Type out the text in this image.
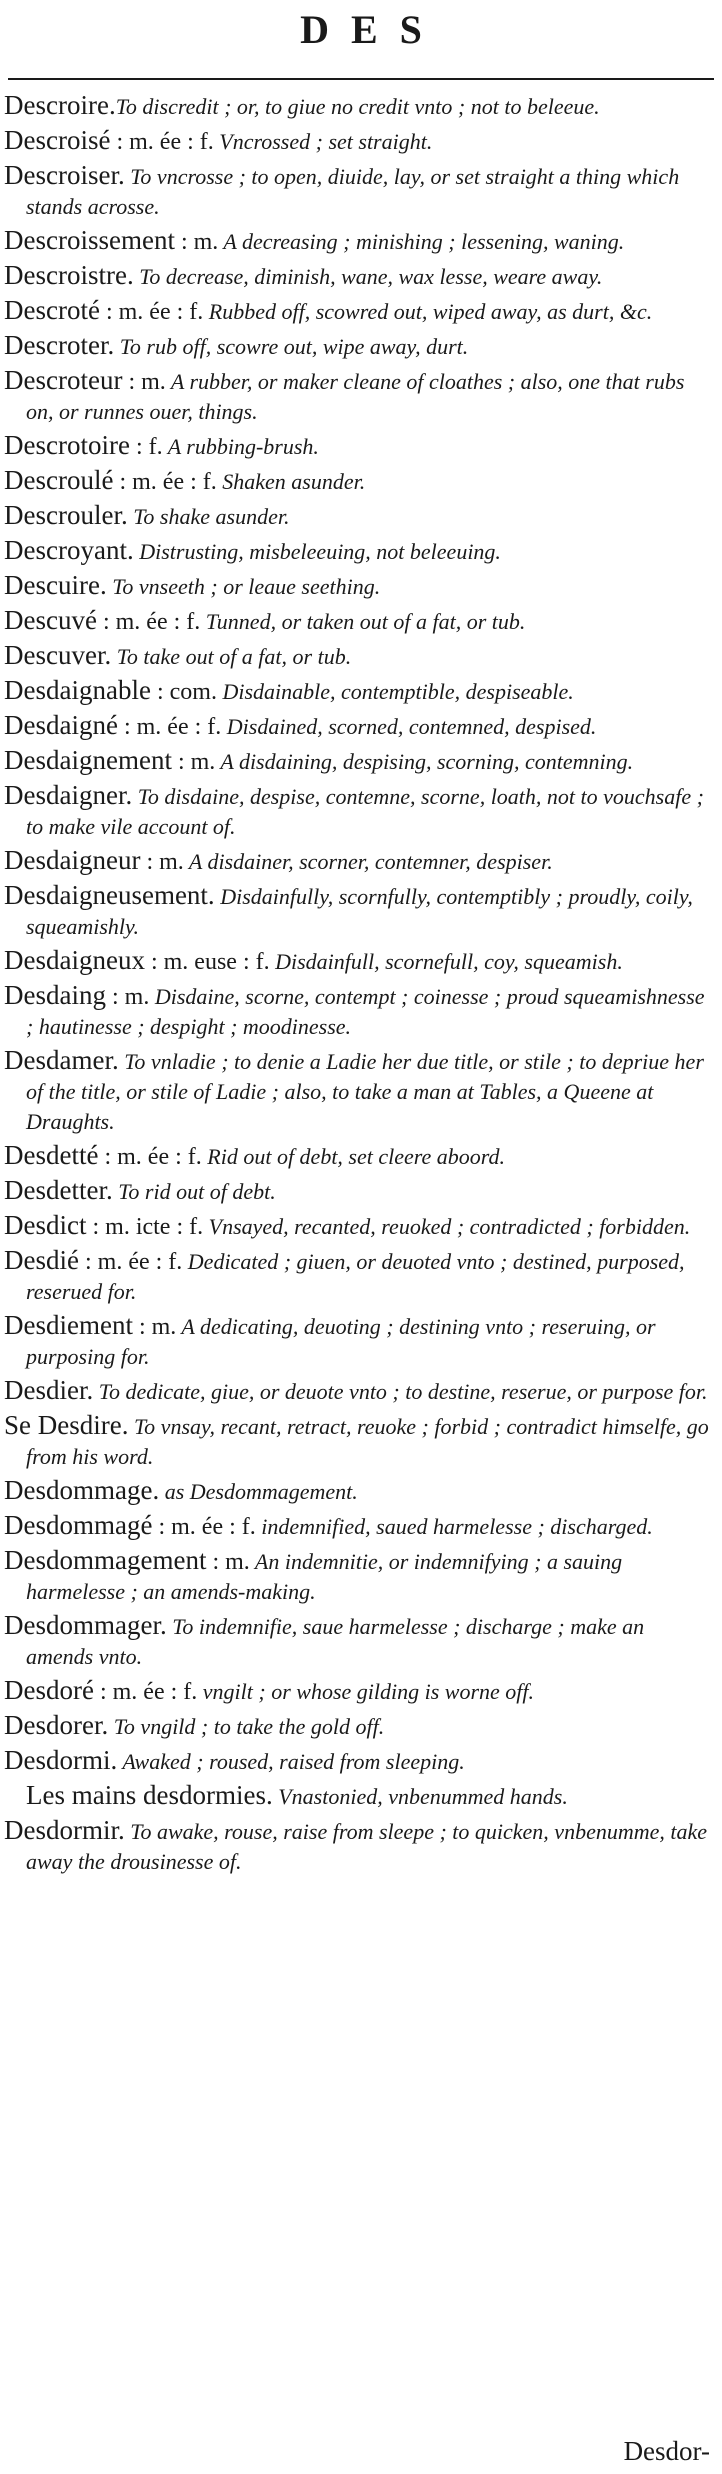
DES
Descroire.To discredit ; or, to giue no credit vnto ; not to beleeue.
Descroisé : m. ée : f. Vncrossed ; set straight.
Descroiser. To vncrosse ; to open, diuide, lay, or set straight a thing which stands acrosse.
Descroissement : m. A decreasing ; minishing ; lessening, waning.
Descroistre. To decrease, diminish, wane, wax lesse, weare away.
Descroté : m. ée : f. Rubbed off, scowred out, wiped away, as durt, &c.
Descroter. To rub off, scowre out, wipe away, durt.
Descroteur : m. A rubber, or maker cleane of cloathes ; also, one that rubs on, or runnes ouer, things.
Descrotoire : f. A rubbing-brush.
Descroulé : m. ée : f. Shaken asunder.
Descrouler. To shake asunder.
Descroyant. Distrusting, misbeleeuing, not beleeuing.
Descuire. To vnseeth ; or leaue seething.
Descuvé : m. ée : f. Tunned, or taken out of a fat, or tub.
Descuver. To take out of a fat, or tub.
Desdaignable : com. Disdainable, contemptible, despiseable.
Desdaigné : m. ée : f. Disdained, scorned, contemned, despised.
Desdaignement : m. A disdaining, despising, scorning, contemning.
Desdaigner. To disdaine, despise, contemne, scorne, loath, not to vouchsafe ; to make vile account of.
Desdaigneur : m. A disdainer, scorner, contemner, despiser.
Desdaigneusement. Disdainfully, scornfully, contemptibly ; proudly, coily, squeamishly.
Desdaigneux : m. euse : f. Disdainfull, scornefull, coy, squeamish.
Desdaing : m. Disdaine, scorne, contempt ; coinesse ; proud squeamishnesse ; hautinesse ; despight ; moodinesse.
Desdamer. To vnladie ; to denie a Ladie her due title, or stile ; to depriue her of the title, or stile of Ladie ; also, to take a man at Tables, a Queene at Draughts.
Desdetté : m. ée : f. Rid out of debt, set cleere aboord.
Desdetter. To rid out of debt.
Desdict : m. icte : f. Vnsayed, recanted, reuoked ; contradicted ; forbidden.
Desdié : m. ée : f. Dedicated ; giuen, or deuoted vnto ; destined, purposed, reserued for.
Desdiement : m. A dedicating, deuoting ; destining vnto ; reseruing, or purposing for.
Desdier. To dedicate, giue, or deuote vnto ; to destine, reserue, or purpose for.
Se Desdire. To vnsay, recant, retract, reuoke ; forbid ; contradict himselfe, go from his word.
Desdommage. as Desdommagement.
Desdommagé : m. ée : f. indemnified, saued harmelesse ; discharged.
Desdommagement : m. An indemnitie, or indemnifying ; a sauing harmelesse ; an amends-making.
Desdommager. To indemnifie, saue harmelesse ; discharge ; make an amends vnto.
Desdoré : m. ée : f. vngilt ; or whose gilding is worne off.
Desdorer. To vngild ; to take the gold off.
Desdormi. Awaked ; roused, raised from sleeping.
Les mains desdormies. Vnastonied, vnbenummed hands.
Desdormir. To awake, rouse, raise from sleepe ; to quicken, vnbenumme, take away the drousinesse of.
Desdor-
